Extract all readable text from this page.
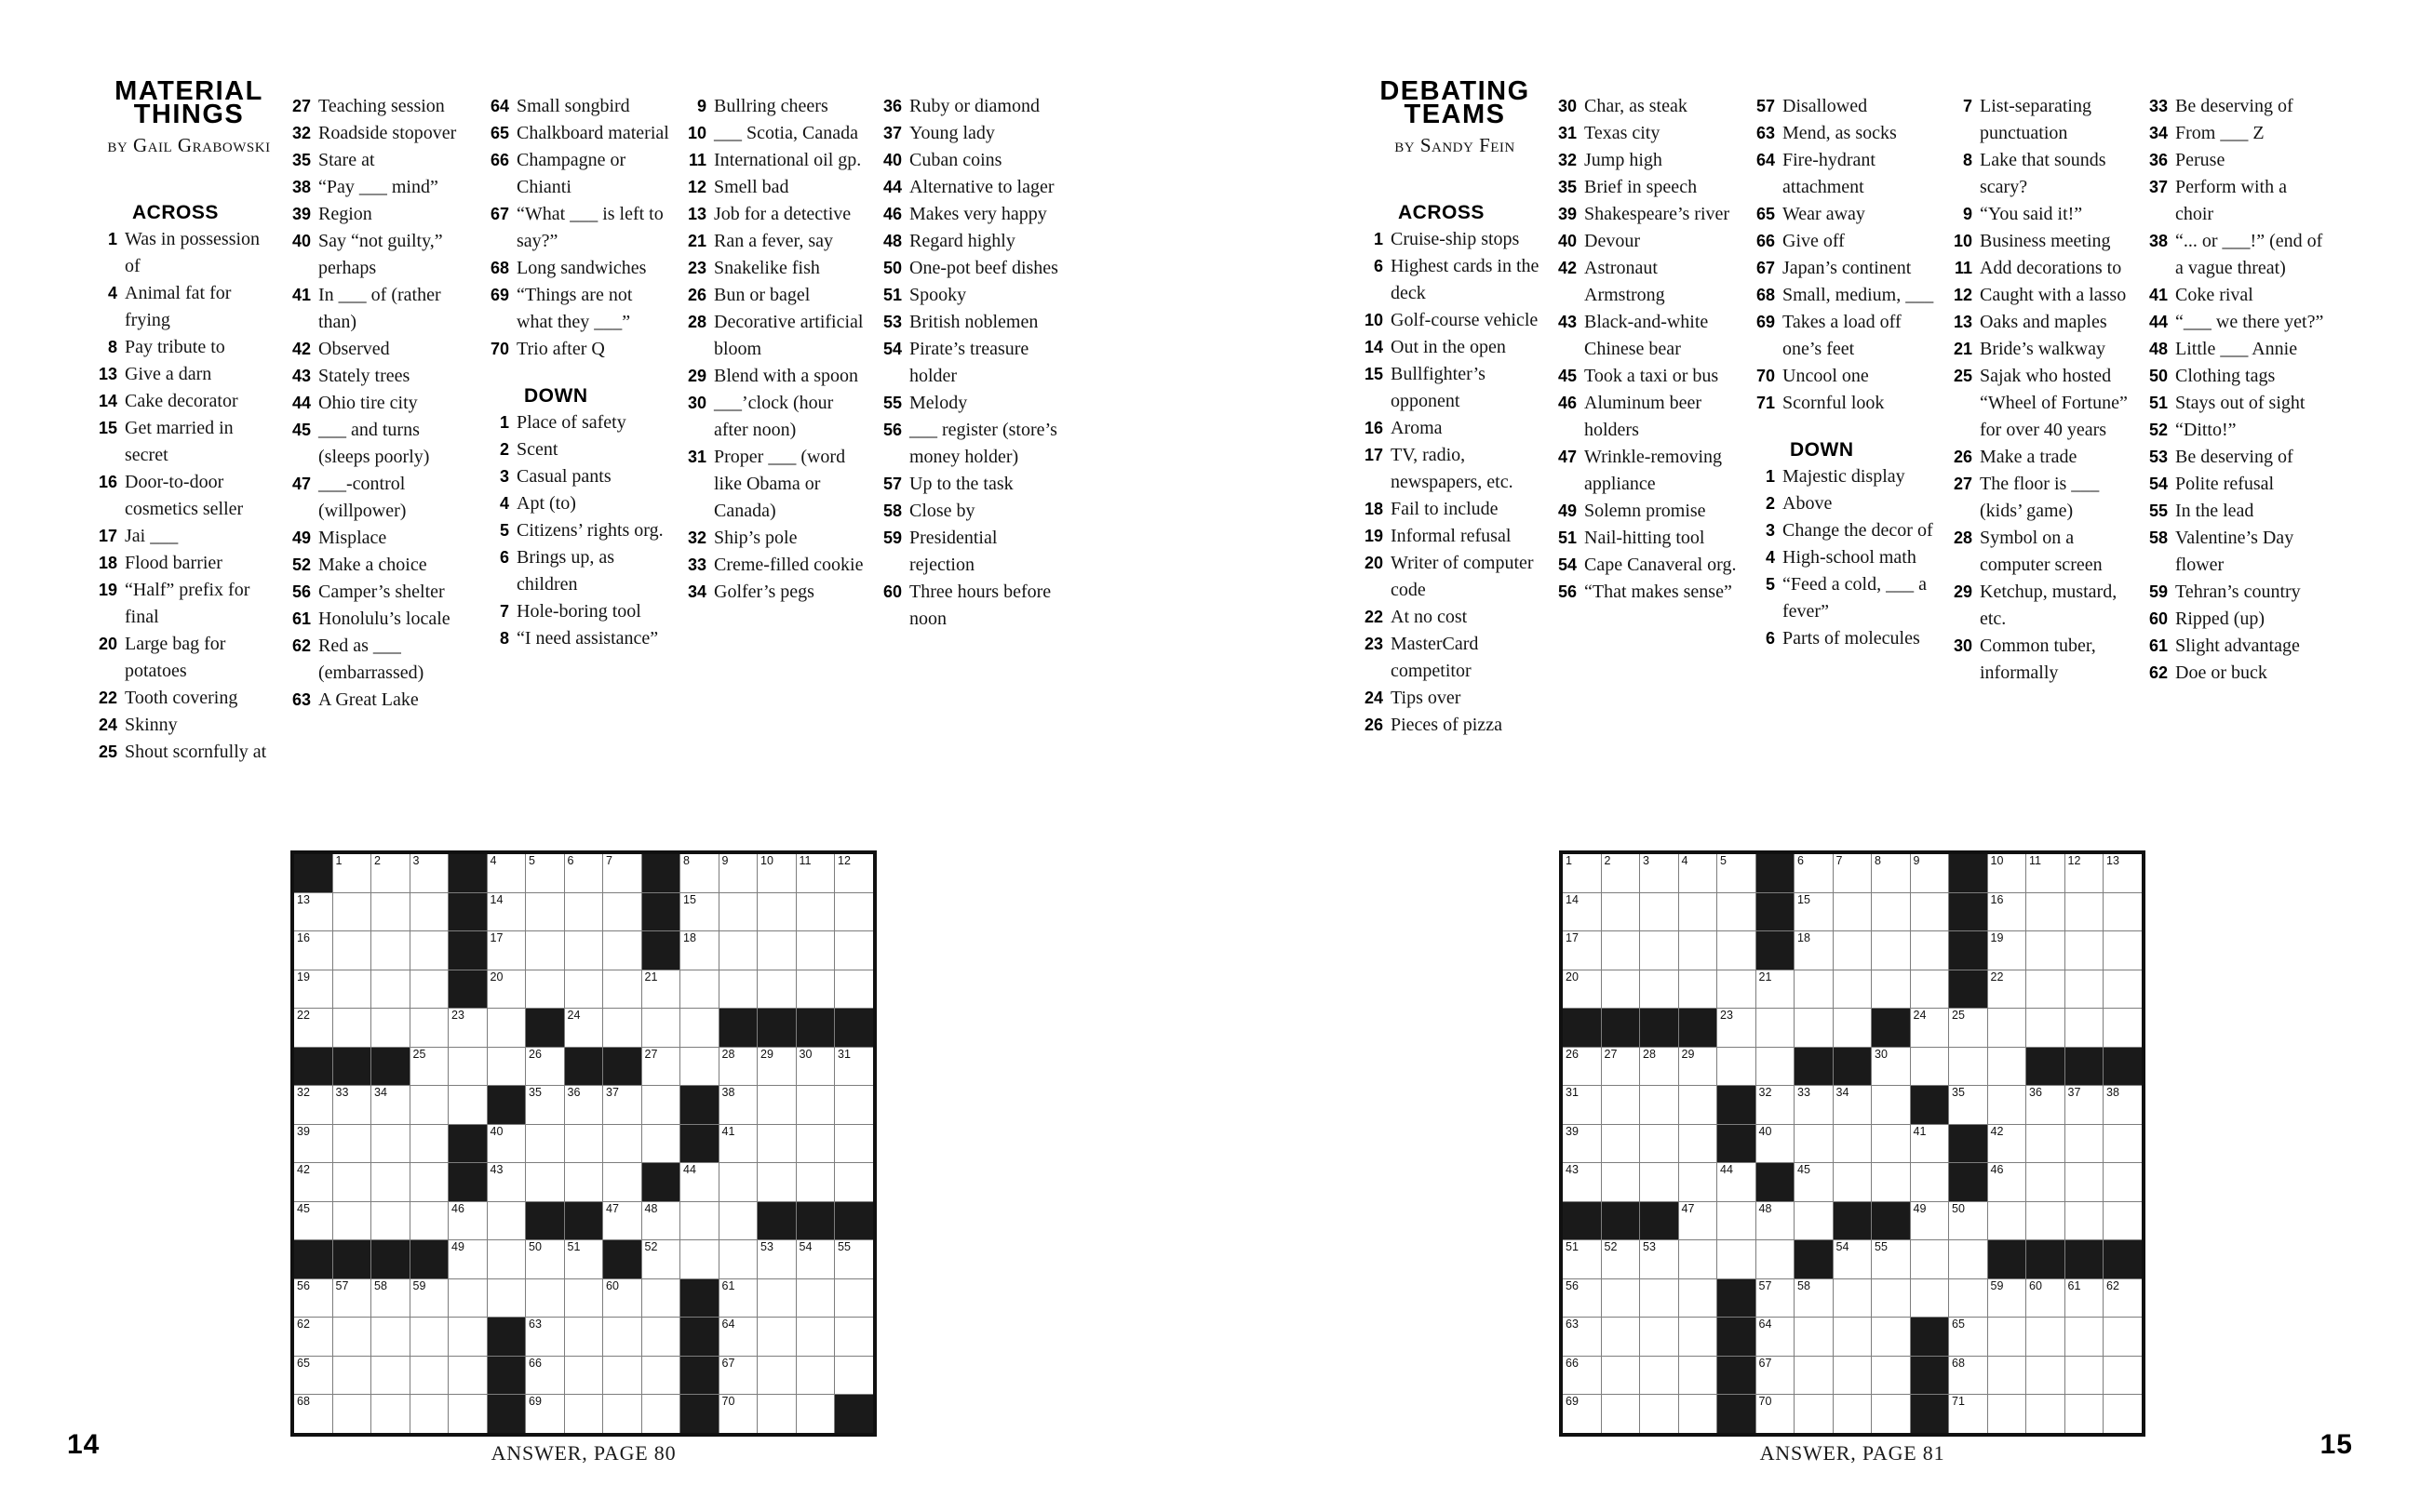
MATERIAL
THINGS
by Gail Grabowski
ACROSS
1 Was in possession of
4 Animal fat for frying
8 Pay tribute to
13 Give a darn
14 Cake decorator
15 Get married in secret
16 Door-to-door cosmetics seller
17 Jai ___
18 Flood barrier
19 “Half” prefix for final
20 Large bag for potatoes
22 Tooth covering
24 Skinny
25 Shout scornfully at
27 Teaching session
32 Roadside stopover
35 Stare at
38 “Pay ___ mind”
39 Region
40 Say “not guilty,” perhaps
41 In ___ of (rather than)
42 Observed
43 Stately trees
44 Ohio tire city
45 ___ and turns (sleeps poorly)
47 ___-control (willpower)
49 Misplace
52 Make a choice
56 Camper’s shelter
61 Honolulu’s locale
62 Red as ___ (embarrassed)
63 A Great Lake
64 Small songbird
65 Chalkboard material
66 Champagne or Chianti
67 “What ___ is left to say?”
68 Long sandwiches
69 “Things are not what they ___”
70 Trio after Q
DOWN
1 Place of safety
2 Scent
3 Casual pants
4 Apt (to)
5 Citizens’ rights org.
6 Brings up, as children
7 Hole-boring tool
8 “I need assistance”
9 Bullring cheers
10 ___ Scotia, Canada
11 International oil gp.
12 Smell bad
13 Job for a detective
21 Ran a fever, say
23 Snakelike fish
26 Bun or bagel
28 Decorative artificial bloom
29 Blend with a spoon
30 ___’clock (hour after noon)
31 Proper ___ (word like Obama or Canada)
32 Ship’s pole
33 Creme-filled cookie
34 Golfer’s pegs
36 Ruby or diamond
37 Young lady
40 Cuban coins
44 Alternative to lager
46 Makes very happy
48 Regard highly
50 One-pot beef dishes
51 Spooky
53 British noblemen
54 Pirate’s treasure holder
55 Melody
56 ___ register (store’s money holder)
57 Up to the task
58 Close by
59 Presidential rejection
60 Three hours before noon
1	2	3	4	5	6	7	8	9	10 11 12
13	14	15
16	17	18
19	20	21
22	23	24
25	26	27	28 29 30 31
32 33 34	35 36 37	38
39	40	41
42	43	44
45	46	47 48
49	50 51	52	53 54 55
56 57 58 59	60	61
62	63	64
65	66	67
68	69	70
ANSWER, PAGE 80
14
DEBATING
TEAMS
by Sandy Fein
ACROSS
1 Cruise-ship stops
6 Highest cards in the deck
10 Golf-course vehicle
14 Out in the open
15 Bullfighter’s opponent
16 Aroma
17 TV, radio, newspapers, etc.
18 Fail to include
19 Informal refusal
20 Writer of computer code
22 At no cost
23 MasterCard competitor
24 Tips over
26 Pieces of pizza
30 Char, as steak
31 Texas city
32 Jump high
35 Brief in speech
39 Shakespeare’s river
40 Devour
42 Astronaut Armstrong
43 Black-and-white Chinese bear
45 Took a taxi or bus
46 Aluminum beer holders
47 Wrinkle-removing appliance
49 Solemn promise
51 Nail-hitting tool
54 Cape Canaveral org.
56 “That makes sense”
57 Disallowed
63 Mend, as socks
64 Fire-hydrant attachment
65 Wear away
66 Give off
67 Japan’s continent
68 Small, medium, ___
69 Takes a load off one’s feet
70 Uncool one
71 Scornful look
DOWN
1 Majestic display
2 Above
3 Change the decor of
4 High-school math
5 “Feed a cold, ___ a fever”
6 Parts of molecules
7 List-separating punctuation
8 Lake that sounds scary?
9 “You said it!”
10 Business meeting
11 Add decorations to
12 Caught with a lasso
13 Oaks and maples
21 Bride’s walkway
25 Sajak who hosted “Wheel of Fortune” for over 40 years
26 Make a trade
27 The floor is ___ (kids’ game)
28 Symbol on a computer screen
29 Ketchup, mustard, etc.
30 Common tuber, informally
33 Be deserving of
34 From ___ Z
36 Peruse
37 Perform with a choir
38 “... or ___!” (end of a vague threat)
41 Coke rival
44 “___ we there yet?”
48 Little ___ Annie
50 Clothing tags
51 Stays out of sight
52 “Ditto!”
53 Be deserving of
54 Polite refusal
55 In the lead
58 Valentine’s Day flower
59 Tehran’s country
60 Ripped (up)
61 Slight advantage
62 Doe or buck
1	2	3	4	5	6	7	8	9	10 11 12 13
14	15	16
17	18	19
20	21	22
23	24 25
26 27 28 29	30
31	32 33 34	35	36 37 38
39	40	41	42
43	44	45	46
47	48	49 50
51 52 53	54 55
56	57 58	59 60 61 62
63	64	65
66	67	68
69	70	71
ANSWER, PAGE 81	15
